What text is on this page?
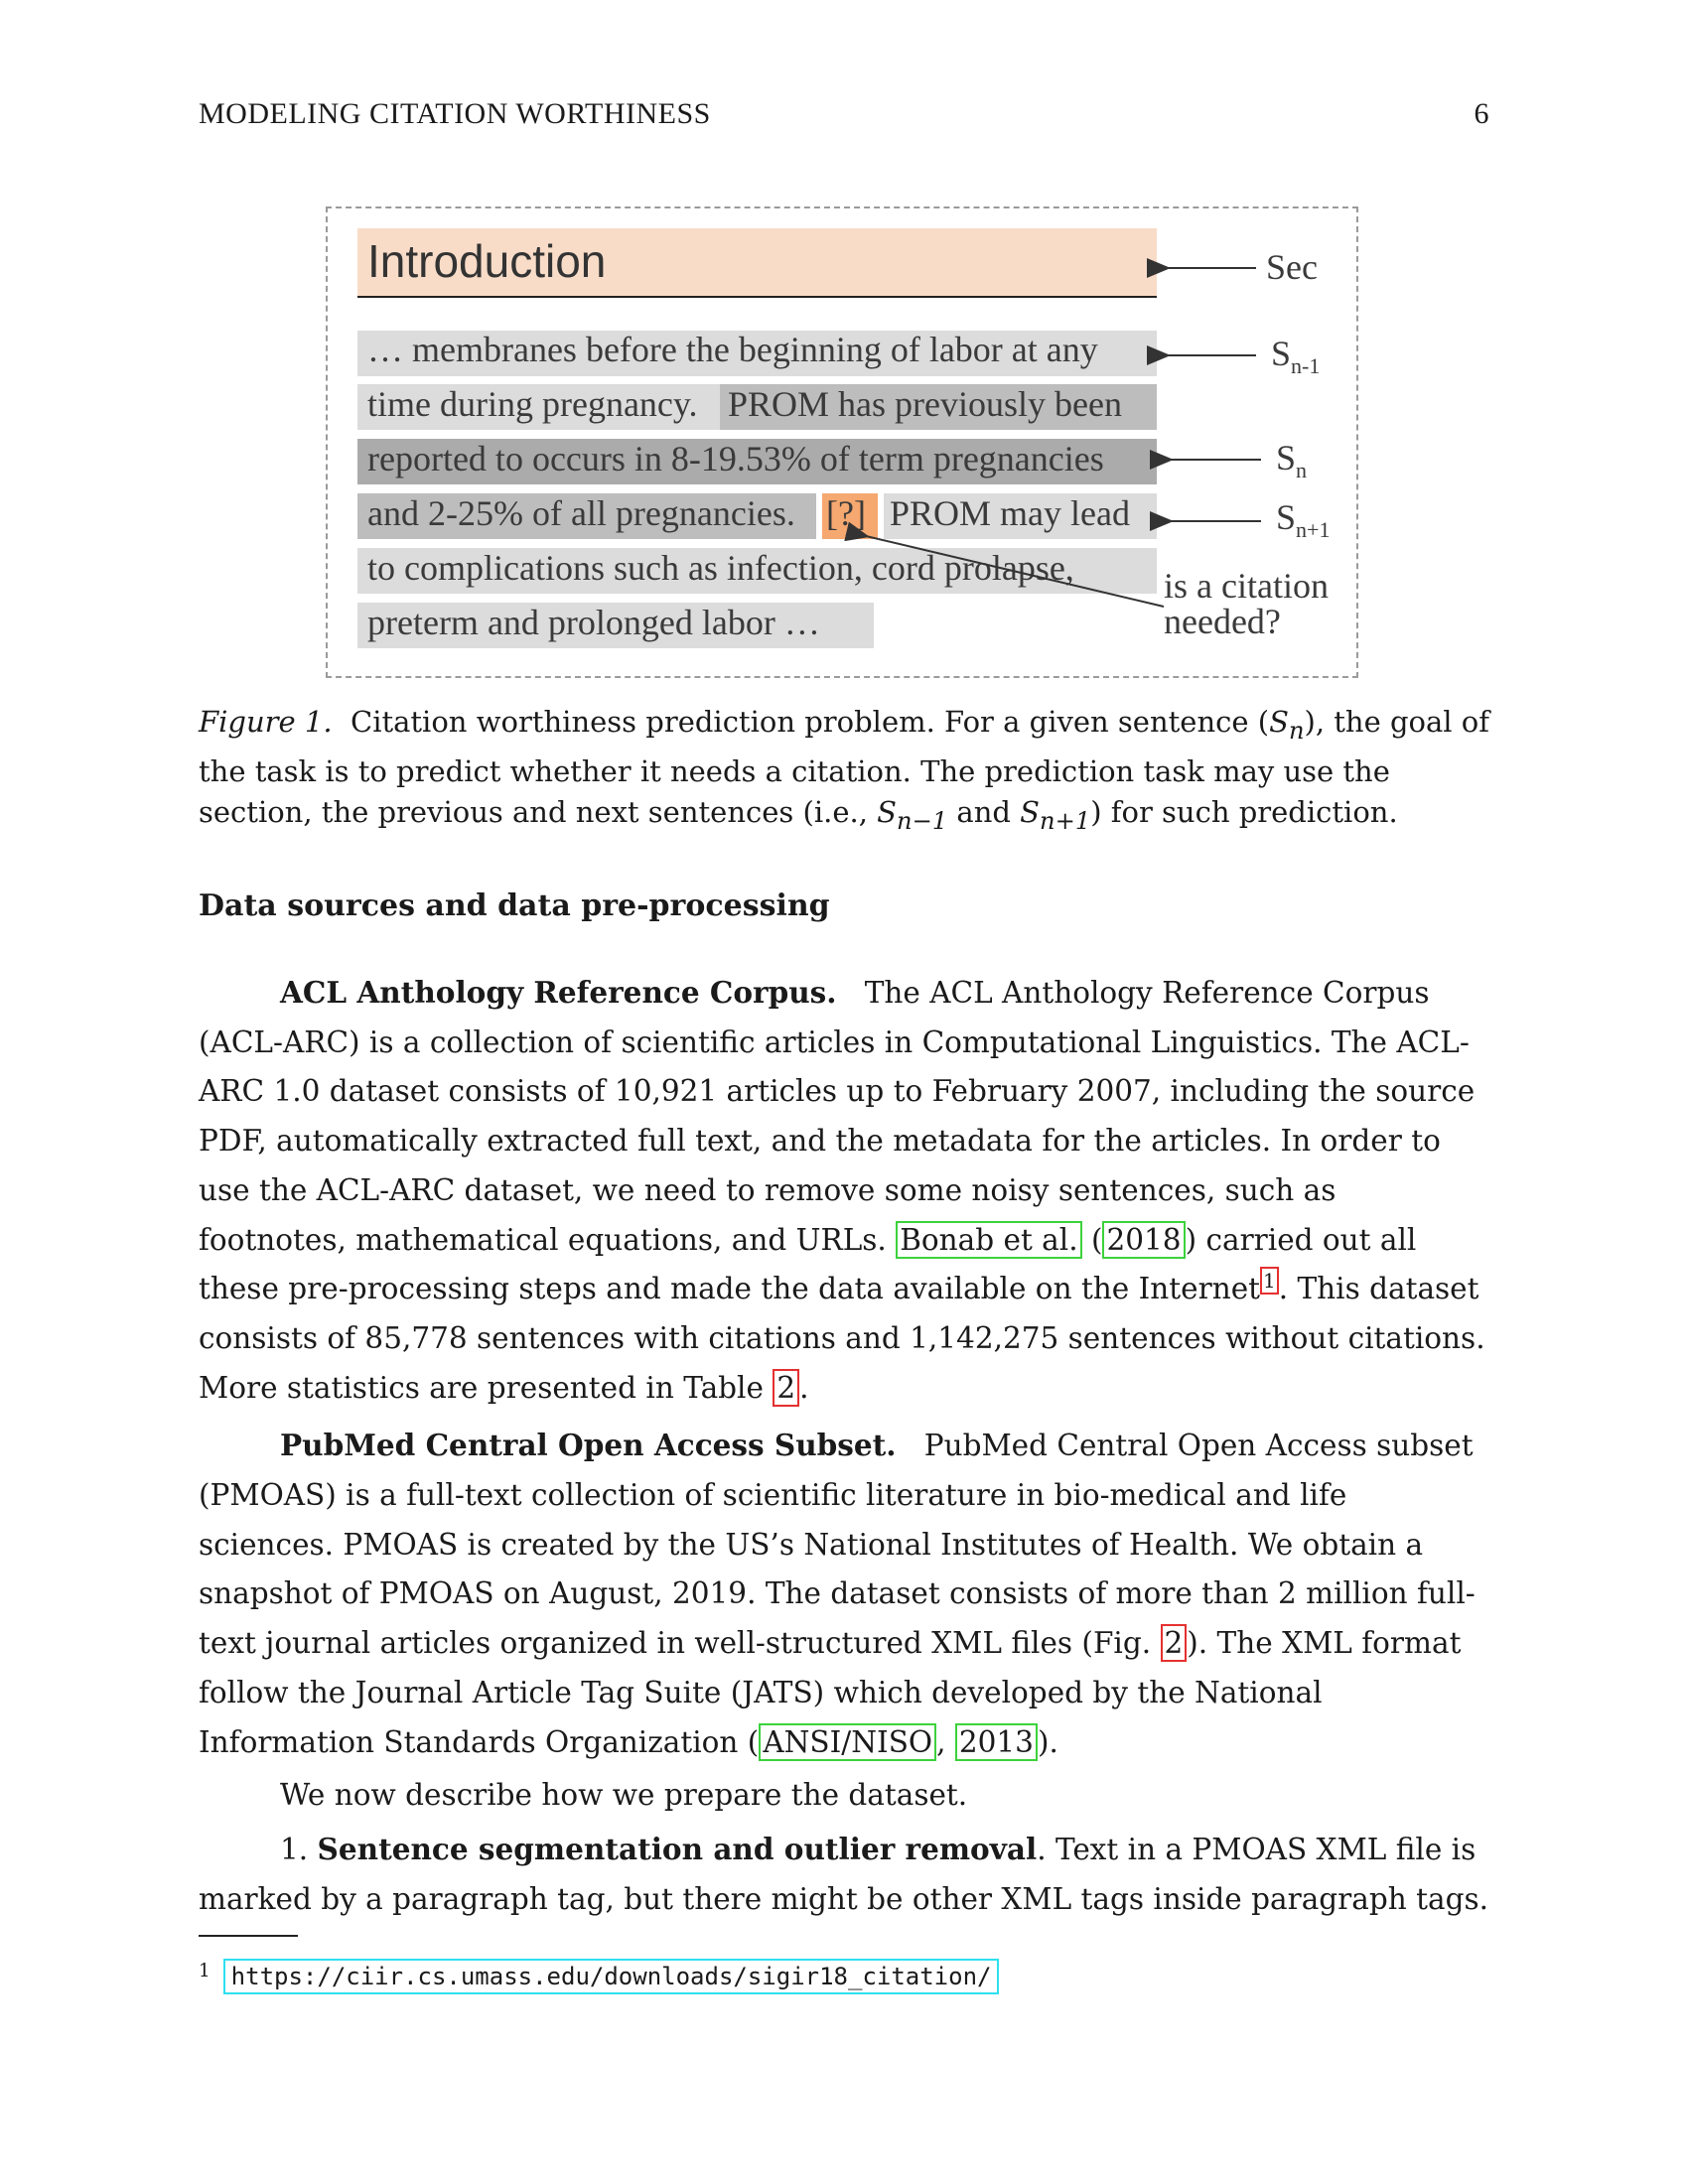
MODELING CITATION WORTHINESS	6
Introduction
… membranes before the beginning of labor at any
time during pregnancy. PROM has previously been
reported to occurs in 8-19.53% of term pregnancies
and 2-25% of all pregnancies. [?] PROM may lead
to complications such as infection, cord prolapse,
preterm and prolonged labor …
Sec
$S_{n-1}$
$S_n$
$S_{n+1}$
is a citation needed?
Figure 1. Citation worthiness prediction problem. For a given sentence $(S_n)$, the goal of the task is to predict whether it needs a citation. The prediction task may use the section, the previous and next sentences (i.e., $S_{n-1}$ and $S_{n+1}$) for such prediction.
Data sources and data pre-processing

ACL Anthology Reference Corpus. The ACL Anthology Reference Corpus (ACL-ARC) is a collection of scientific articles in Computational Linguistics. The ACL-ARC 1.0 dataset consists of 10,921 articles up to February 2007, including the source PDF, automatically extracted full text, and the metadata for the articles. In order to use the ACL-ARC dataset, we need to remove some noisy sentences, such as footnotes, mathematical equations, and URLs. Bonab et al. ( 2018 ) carried out all these pre-processing steps and made the data available on the Internet $^1$ . This dataset consists of 85,778 sentences with citations and 1,142,275 sentences without citations. More statistics are presented in Table 2 .

PubMed Central Open Access Subset. PubMed Central Open Access subset (PMOAS) is a full-text collection of scientific literature in bio-medical and life sciences. PMOAS is created by the US’s National Institutes of Health. We obtain a snapshot of PMOAS on August, 2019. The dataset consists of more than 2 million full-text journal articles organized in well-structured XML files (Fig. 2 ). The XML format follow the Journal Article Tag Suite (JATS) which developed by the National Information Standards Organization ( ANSI/NISO , 2013 ).

We now describe how we prepare the dataset.

1. Sentence segmentation and outlier removal. Text in a PMOAS XML file is marked by a paragraph tag, but there might be other XML tags inside paragraph tags.

$^1$ https://ciir.cs.umass.edu/downloads/sigir18_citation/
